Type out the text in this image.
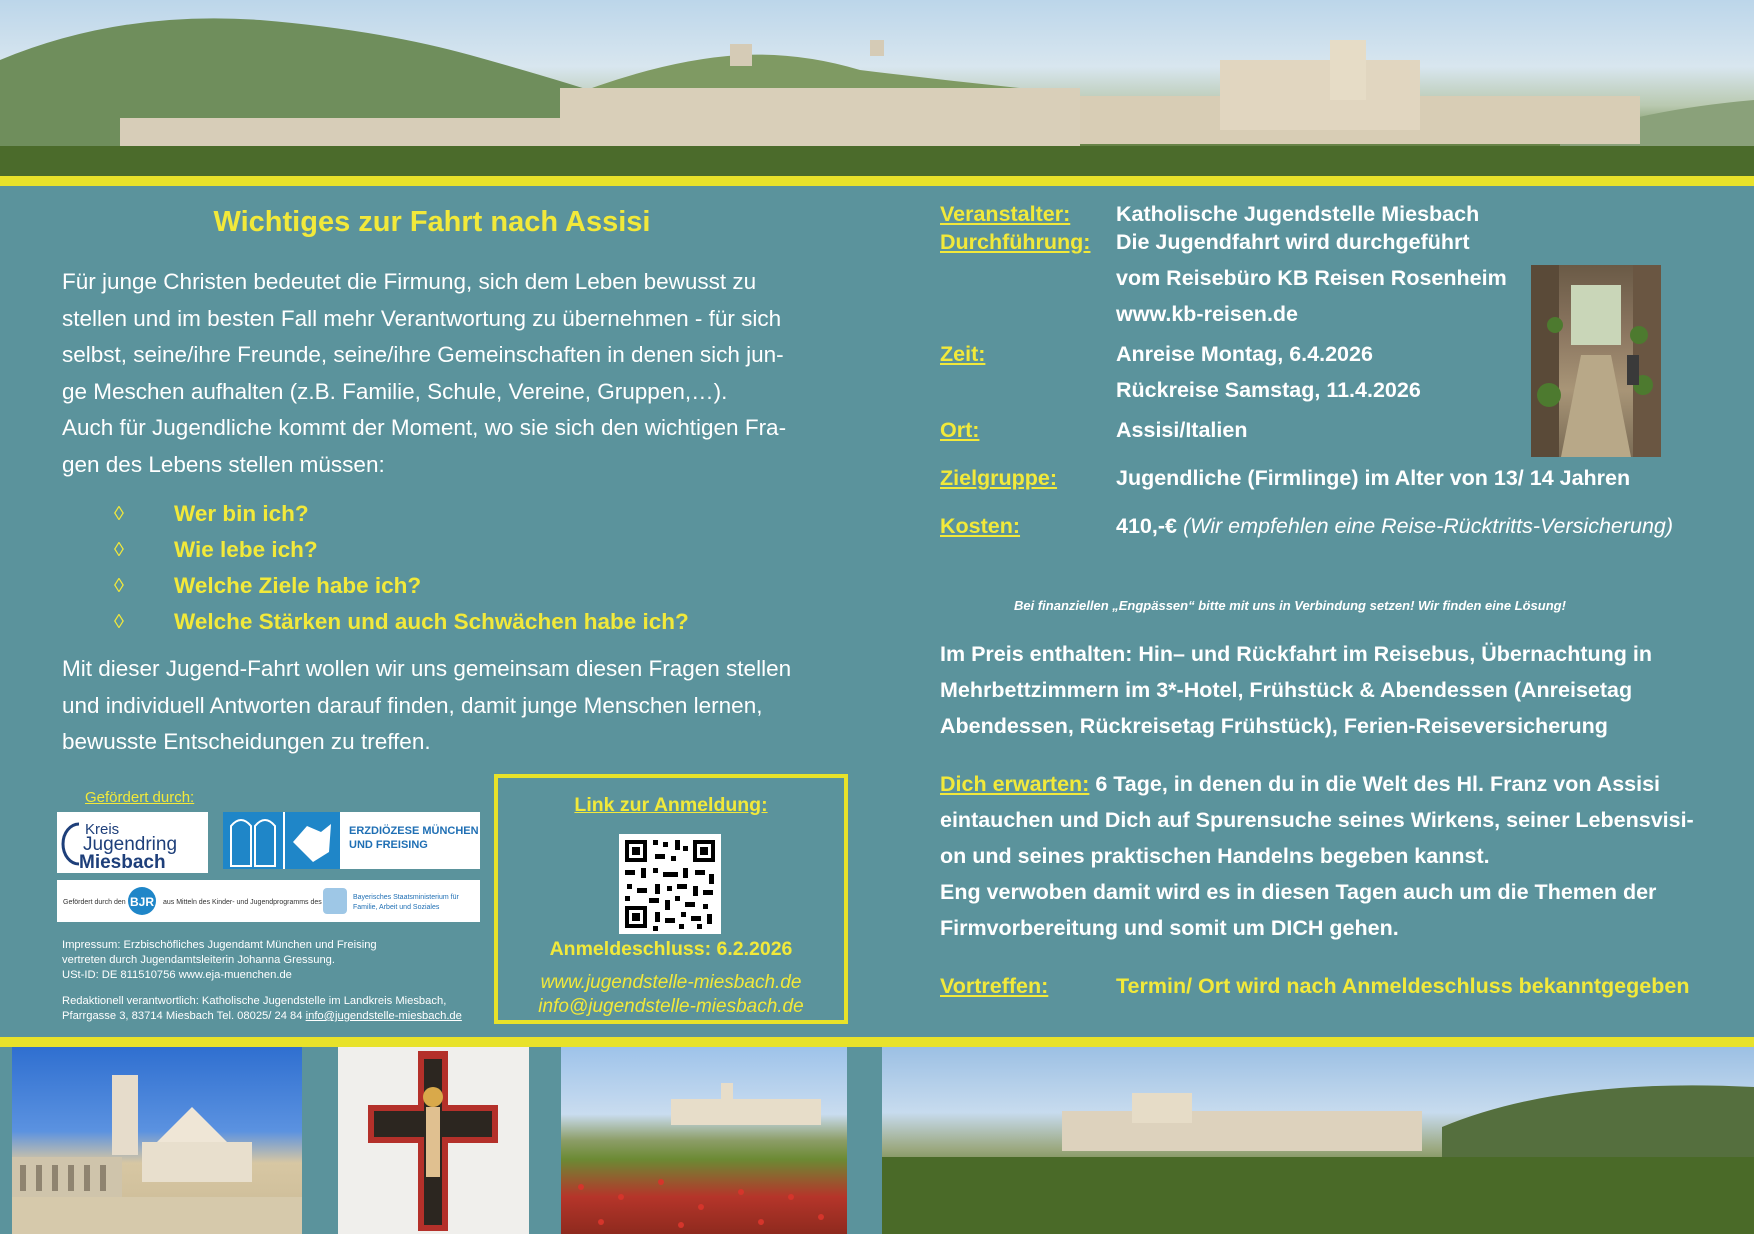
Wichtiges zur Fahrt nach Assisi
Für junge Christen bedeutet die Firmung, sich dem Leben bewusst zu
stellen und im besten Fall mehr Verantwortung zu übernehmen - für sich
selbst, seine/ihre Freunde, seine/ihre Gemeinschaften in denen sich jun-
ge Meschen aufhalten (z.B. Familie, Schule, Vereine, Gruppen,…).
Auch für Jugendliche kommt der Moment, wo sie sich den wichtigen Fra-
gen des Lebens stellen müssen:
◊	Wer bin ich?
◊	Wie lebe ich?
◊	Welche Ziele habe ich?
◊	Welche Stärken und auch Schwächen habe ich?
Mit dieser Jugend-Fahrt wollen wir uns gemeinsam diesen Fragen stellen
und individuell Antworten darauf finden, damit junge Menschen lernen,
bewusste Entscheidungen zu treffen.
Gefördert durch:
Kreis
Jugendring
Miesbach
ERZDIÖZESE MÜNCHEN
UND FREISING
Gefördert durch den BJR aus Mitteln des Kinder- und Jugendprogramms des
Bayerisches Staatsministerium für
Familie, Arbeit und Soziales

Impressum: Erzbischöfliches Jugendamt München und Freising
vertreten durch Jugendamtsleiterin Johanna Gressung.
USt-ID: DE 811510756 www.eja-muenchen.de

Redaktionell verantwortlich: Katholische Jugendstelle im Landkreis Miesbach,
Pfarrgasse 3, 83714 Miesbach Tel. 08025/ 24 84 info@jugendstelle-miesbach.de

Link zur Anmeldung:
Anmeldeschluss: 6.2.2026
www.jugendstelle-miesbach.de
info@jugendstelle-miesbach.de
Veranstalter: Katholische Jugendstelle Miesbach
Durchführung: Die Jugendfahrt wird durchgeführt
vom Reisebüro KB Reisen Rosenheim
www.kb-reisen.de
Zeit:	Anreise Montag, 6.4.2026
Rückreise Samstag, 11.4.2026
Ort:	Assisi/Italien
Zielgruppe:	Jugendliche (Firmlinge) im Alter von 13/ 14 Jahren
Kosten:	410,-€ (Wir empfehlen eine Reise-Rücktritts-Versicherung)
Bei finanziellen „Engpässen“ bitte mit uns in Verbindung setzen! Wir finden eine Lösung!
Im Preis enthalten: Hin– und Rückfahrt im Reisebus, Übernachtung in
Mehrbettzimmern im 3*-Hotel, Frühstück & Abendessen (Anreisetag
Abendessen, Rückreisetag Frühstück), Ferien-Reiseversicherung
Dich erwarten: 6 Tage, in denen du in die Welt des Hl. Franz von Assisi
eintauchen und Dich auf Spurensuche seines Wirkens, seiner Lebensvisi-
on und seines praktischen Handelns begeben kannst.
Eng verwoben damit wird es in diesen Tagen auch um die Themen der
Firmvorbereitung und somit um DICH gehen.
Vortreffen:	Termin/ Ort wird nach Anmeldeschluss bekanntgegeben
